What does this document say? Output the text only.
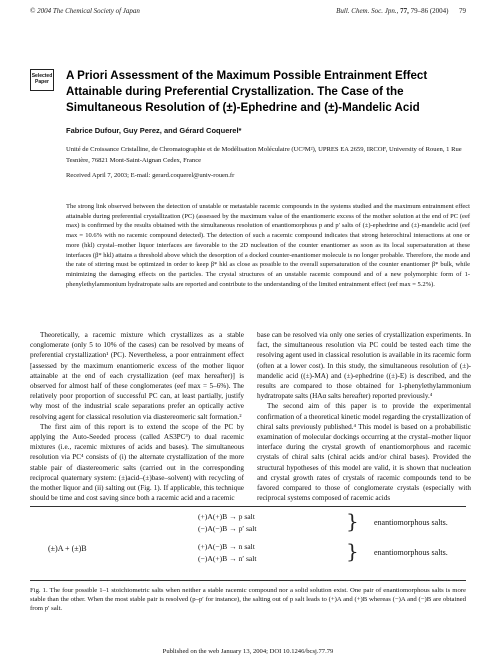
© 2004 The Chemical Society of Japan	Bull. Chem. Soc. Jpn., 77, 79–86 (2004) 79
Selected Paper	A Priori Assessment of the Maximum Possible Entrainment Effect Attainable during Preferential Crystallization. The Case of the Simultaneous Resolution of (±)-Ephedrine and (±)-Mandelic Acid
Fabrice Dufour, Guy Perez, and Gérard Coquerel*
Unité de Croissance Cristalline, de Chromatographie et de Modélisation Moléculaire (UC³M²), UPRES EA 2659, IRCOF, University of Rouen, 1 Rue Tesnière, 76821 Mont-Saint-Aignan Cedex, France
Received April 7, 2003; E-mail: gerard.coquerel@univ-rouen.fr
The strong link observed between the detection of unstable or metastable racemic compounds in the systems studied and the maximum entrainment effect attainable during preferential crystallization (PC) (assessed by the maximum value of the enantiomeric excess of the mother solution at the end of PC (eef max) is confirmed by the results obtained with the simultaneous resolution of enantiomorphous p and p′ salts of (±)-ephedrine and (±)-mandelic acid (eef max = 10.6% with no racemic compound detected). The detection of such a racemic compound indicates that strong heterochiral interactions at one or more (hkl) crystal–mother liquor interfaces are favorable to the 2D nucleation of the counter enantiomer as soon as its local supersaturation at these interfaces (β* hkl) attains a threshold above which the desorption of a docked counter-enantiomer molecule is no longer probable. Therefore, the mode and the rate of stirring must be optimized in order to keep β* hkl as close as possible to the overall supersaturation of the counter enantiomer β* bulk, while minimizing the damaging effects on the particles. The crystal structures of an unstable racemic compound and of a new polymorphic form of 1-phenylethylammonium hydratropate salts are reported and contribute to the understanding of the limited entrainment effect (eef max = 5.2%).

Theoretically, a racemic mixture which crystallizes as a stable conglomerate (only 5 to 10% of the cases) can be resolved by means of preferential crystallization¹ (PC). Nevertheless, a poor entrainment effect [assessed by the maximum enantiomeric excess of the mother liquor attainable at the end of each crystallization (eef max hereafter)] is observed for almost half of these conglomerates (eef max = 5–6%). The relatively poor proportion of successful PC can, at least partially, justify why most of the industrial scale separations prefer an optically active resolving agent for classical resolution via diastereomeric salt formation.²

The first aim of this report is to extend the scope of the PC by applying the Auto-Seeded process (called AS3PC³) to dual racemic mixtures (i.e., racemic mixtures of acids and bases). The simultaneous resolution via PC⁴ consists of (i) the alternate crystallization of the more stable pair of diastereomeric salts (carried out in the corresponding reciprocal quaternary system: (±)acid–(±)base–solvent) with recycling of the mother liquor and (ii) salting out (Fig. 1). If applicable, this technique should be time and cost saving since both a racemic acid and a racemic

base can be resolved via only one series of crystallization experiments. In fact, the simultaneous resolution via PC could be tested each time the resolving agent used in classical resolution is available in its racemic form (often at a lower cost). In this study, the simultaneous resolution of (±)-mandelic acid ((±)-MA) and (±)-ephedrine ((±)-E) is described, and the results are compared to those obtained for 1-phenylethylammonium hydratropate salts (HAα salts hereafter) reported previously.⁴

The second aim of this paper is to provide the experimental confirmation of a theoretical kinetic model regarding the crystallization of chiral salts previously published.⁴ This model is based on a probabilistic examination of molecular dockings occurring at the crystal–mother liquor interface during the crystal growth of enantiomorphous and racemic crystals of chiral salts (chiral acids and/or chiral bases). Provided the structural hypotheses of this model are valid, it is shown that nucleation and crystal growth rates of crystals of racemic compounds tend to be favored compared to those of conglomerate crystals (especially with reciprocal systems composed of racemic acids

(±)A + (±)B
(+)A(+)B → p salt
(−)A(−)B → p′ salt
(+)A(−)B → n salt
(−)A(+)B → n′ salt
}
}
enantiomorphous salts.
enantiomorphous salts.
Fig. 1. The four possible 1–1 stoichiometric salts when neither a stable racemic compound nor a solid solution exist. One pair of enantiomorphous salts is more stable than the other. When the most stable pair is resolved (p–p′ for instance), the salting out of p salt leads to (+)A and (+)B whereas (−)A and (−)B are obtained from p′ salt.
Published on the web January 13, 2004; DOI 10.1246/bcsj.77.79
